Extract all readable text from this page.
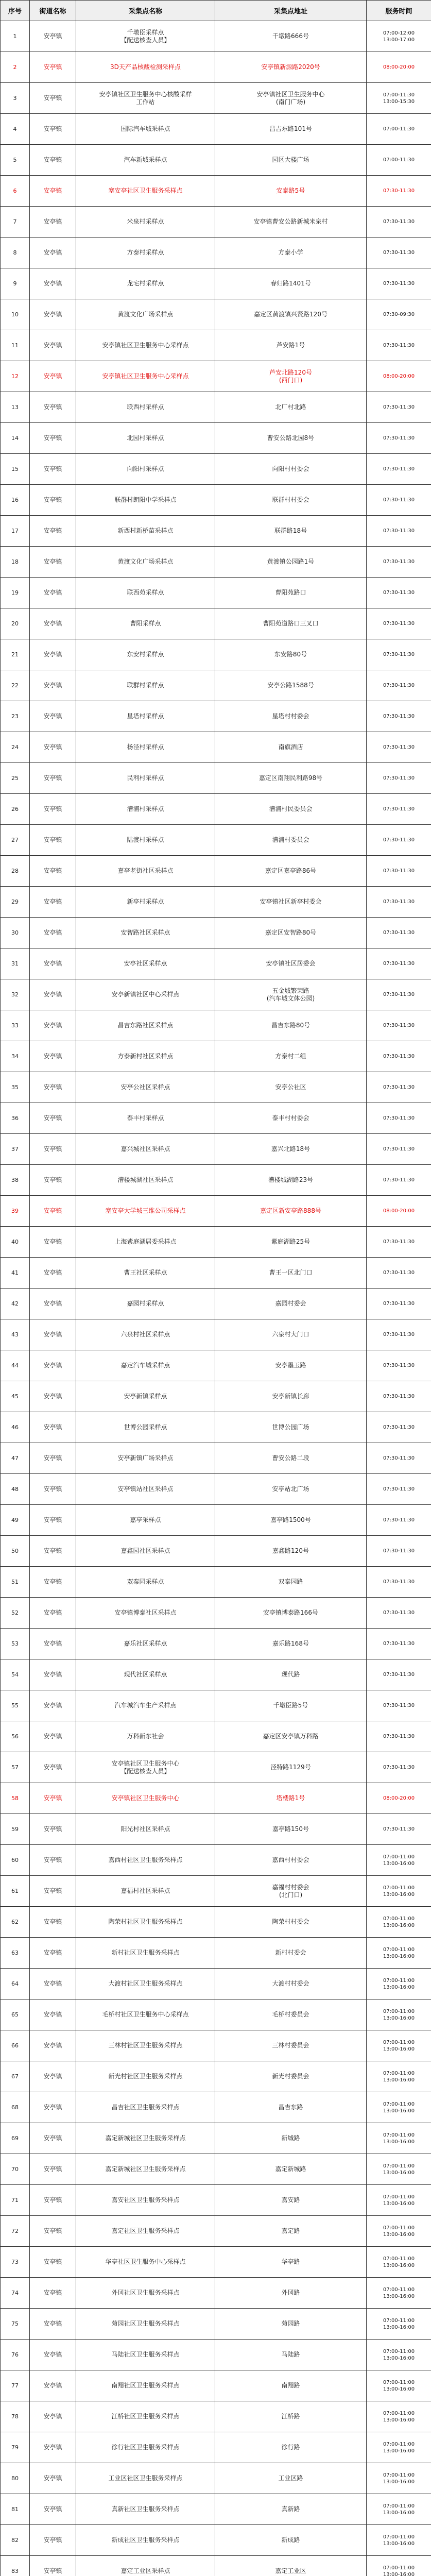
序号	街道名称	采集点名称	采集点地址	服务时间
1	安亭镇	千墩臣采样点
【配送核查人员】	千墩路666号	07:00-12:00
13:00-17:00
2	安亭镇	3D天产品核酸检测采样点	安亭镇新源路2020号	08:00-20:00
3	安亭镇	安亭镇社区卫生服务中心核酸采样
工作站	安亭镇社区卫生服务中心
(南门广场)	07:00-11:30
13:00-15:30
4	安亭镇	国际汽车城采样点	昌吉东路101号	07:00-11:30
5	安亭镇	汽车新城采样点	园区大楼广场	07:00-11:30
6	安亭镇	塞安亭社区卫生服务采样点	安泰路5号	07:30-11:30
7	安亭镇	米泉村采样点	安亭镇曹安公路新城米泉村	07:30-11:30
8	安亭镇	方泰村采样点	方泰小学	07:30-11:30
9	安亭镇	龙宅村采样点	春归路1401号	07:30-11:30
10	安亭镇	黄渡文化广场采样点	嘉定区黄渡镇兴贤路120号	07:30-09:30
11	安亭镇	安亭镇社区卫生服务中心采样点	芦安路1号	07:30-11:30
12	安亭镇	安亭镇社区卫生服务中心采样点	芦安北路120号
(西门口)	08:00-20:00
13	安亭镇	联西村采样点	北厂村北路	07:30-11:30
14	安亭镇	北园村采样点	曹安公路北园8号	07:30-11:30
15	安亭镇	向阳村采样点	向阳村村委会	07:30-11:30
16	安亭镇	联群村朗阳中学采样点	联群村村委会	07:30-11:30
17	安亭镇	新西村新桥苗采样点	联群路18号	07:30-11:30
18	安亭镇	黄渡文化广场采样点	黄渡镇公园路1号	07:30-11:30
19	安亭镇	联西苑采样点	曹阳苑路口	07:30-11:30
20	安亭镇	曹阳采样点	曹阳苑道路口三叉口	07:30-11:30
21	安亭镇	东安村采样点	东安路80号	07:30-11:30
22	安亭镇	联群村采样点	安亭公路1588号	07:30-11:30
23	安亭镇	星塔村采样点	星塔村村委会	07:30-11:30
24	安亭镇	杨泾村采样点	南旗酒店	07:30-11:30
25	安亭镇	民利村采样点	嘉定区南翔民利路98号	07:30-11:30
26	安亭镇	漕浦村采样点	漕浦村民委员会	07:30-11:30
27	安亭镇	陆渡村采样点	漕浦村委员会	07:30-11:30
28	安亭镇	嘉亭老街社区采样点	嘉定区嘉亭路86号	07:30-11:30
29	安亭镇	新亭村采样点	安亭镇社区新亭村委会	07:30-11:30
30	安亭镇	安智路社区采样点	嘉定区安智路80号	07:30-11:30
31	安亭镇	安亭社区采样点	安亭镇社区居委会	07:30-11:30
32	安亭镇	安亭新镇社区中心采样点	五金城繁荣路
(汽车城文体公园)	07:30-11:30
33	安亭镇	昌吉东路社区采样点	昌吉东路80号	07:30-11:30
34	安亭镇	方泰新村社区采样点	方泰村二组	07:30-11:30
35	安亭镇	安亭公社区采样点	安亭公社区	07:30-11:30
36	安亭镇	泰丰村采样点	泰丰村村委会	07:30-11:30
37	安亭镇	嘉兴城社区采样点	嘉兴北路18号	07:30-11:30
38	安亭镇	漕楼城湖社区采样点	漕楼城湖路23号	07:30-11:30
39	安亭镇	塞安亭大学城三维公司采样点	嘉定区新安亭路888号	08:00-20:00
40	安亭镇	上海紫庭湖居委采样点	紫庭湖路25号	07:30-11:30
41	安亭镇	曹王社区采样点	曹王一区北门口	07:30-11:30
42	安亭镇	嘉园村采样点	嘉园村委会	07:30-11:30
43	安亭镇	六泉村社区采样点	六泉村大门口	07:30-11:30
44	安亭镇	嘉定汽车城采样点	安亭墨玉路	07:30-11:30
45	安亭镇	安亭新镇采样点	安亭新镇长廊	07:30-11:30
46	安亭镇	世博公园采样点	世博公园广场	07:30-11:30
47	安亭镇	安亭新镇广场采样点	曹安公路二段	07:30-11:30
48	安亭镇	安亭镇站社区采样点	安亭站北广场	07:30-11:30
49	安亭镇	嘉亭采样点	嘉亭路1500号	07:30-11:30
50	安亭镇	嘉鑫园社区采样点	嘉鑫路120号	07:30-11:30
51	安亭镇	双秦园采样点	双秦园路	07:30-11:30
52	安亭镇	安亭镇博泰社区采样点	安亭镇博泰路166号	07:30-11:30
53	安亭镇	嘉乐社区采样点	嘉乐路168号	07:30-11:30
54	安亭镇	现代社区采样点	现代路	07:30-11:30
55	安亭镇	汽车城汽车生产采样点	千墩臣路5号	07:30-11:30
56	安亭镇	万科新东社会	嘉定区安亭镇万科路	07:30-11:30
57	安亭镇	安亭镇社区卫生服务中心
【配送核查人员】	泾特路1129号	07:30-11:30
58	安亭镇	安亭镇社区卫生服务中心	塔楼路1号	08:00-20:00
59	安亭镇	阳光村社区采样点	嘉亭路150号	07:30-11:30
60	安亭镇	嘉西村社区卫生服务采样点	嘉西村村委会	07:00-11:00
13:00-16:00
61	安亭镇	嘉福村社区采样点	嘉福村村委会
(北门口)	07:00-11:00
13:00-16:00
62	安亭镇	陶荣村社区卫生服务采样点	陶荣村村委会	07:00-11:00
13:00-16:00
63	安亭镇	新村社区卫生服务采样点	新村村委会	07:00-11:00
13:00-16:00
64	安亭镇	大渡村社区卫生服务采样点	大渡村村委会	07:00-11:00
13:00-16:00
65	安亭镇	毛桥村社区卫生服务中心采样点	毛桥村委员会	07:00-11:00
13:00-16:00
66	安亭镇	三林村社区卫生服务采样点	三林村委员会	07:00-11:00
13:00-16:00
67	安亭镇	新光村社区卫生服务采样点	新光村委员会	07:00-11:00
13:00-16:00
68	安亭镇	昌吉社区卫生服务采样点	昌吉东路	07:00-11:00
13:00-16:00
69	安亭镇	嘉定新城社区卫生服务采样点	新城路	07:00-11:00
13:00-16:00
70	安亭镇	嘉定新城社区卫生服务采样点	嘉定新城路	07:00-11:00
13:00-16:00
71	安亭镇	嘉安社区卫生服务采样点	嘉安路	07:00-11:00
13:00-16:00
72	安亭镇	嘉定社区卫生服务采样点	嘉定路	07:00-11:00
13:00-16:00
73	安亭镇	华亭社区卫生服务中心采样点	华亭路	07:00-11:00
13:00-16:00
74	安亭镇	外冈社区卫生服务采样点	外冈路	07:00-11:00
13:00-16:00
75	安亭镇	菊园社区卫生服务采样点	菊园路	07:00-11:00
13:00-16:00
76	安亭镇	马陆社区卫生服务采样点	马陆路	07:00-11:00
13:00-16:00
77	安亭镇	南翔社区卫生服务采样点	南翔路	07:00-11:00
13:00-16:00
78	安亭镇	江桥社区卫生服务采样点	江桥路	07:00-11:00
13:00-16:00
79	安亭镇	徐行社区卫生服务采样点	徐行路	07:00-11:00
13:00-16:00
80	安亭镇	工业区社区卫生服务采样点	工业区路	07:00-11:00
13:00-16:00
81	安亭镇	真新社区卫生服务采样点	真新路	07:00-11:00
13:00-16:00
82	安亭镇	新成社区卫生服务采样点	新成路	07:00-11:00
13:00-16:00
83	安亭镇	嘉定工业区采样点	嘉定工业区	07:00-11:00
13:00-16:00
